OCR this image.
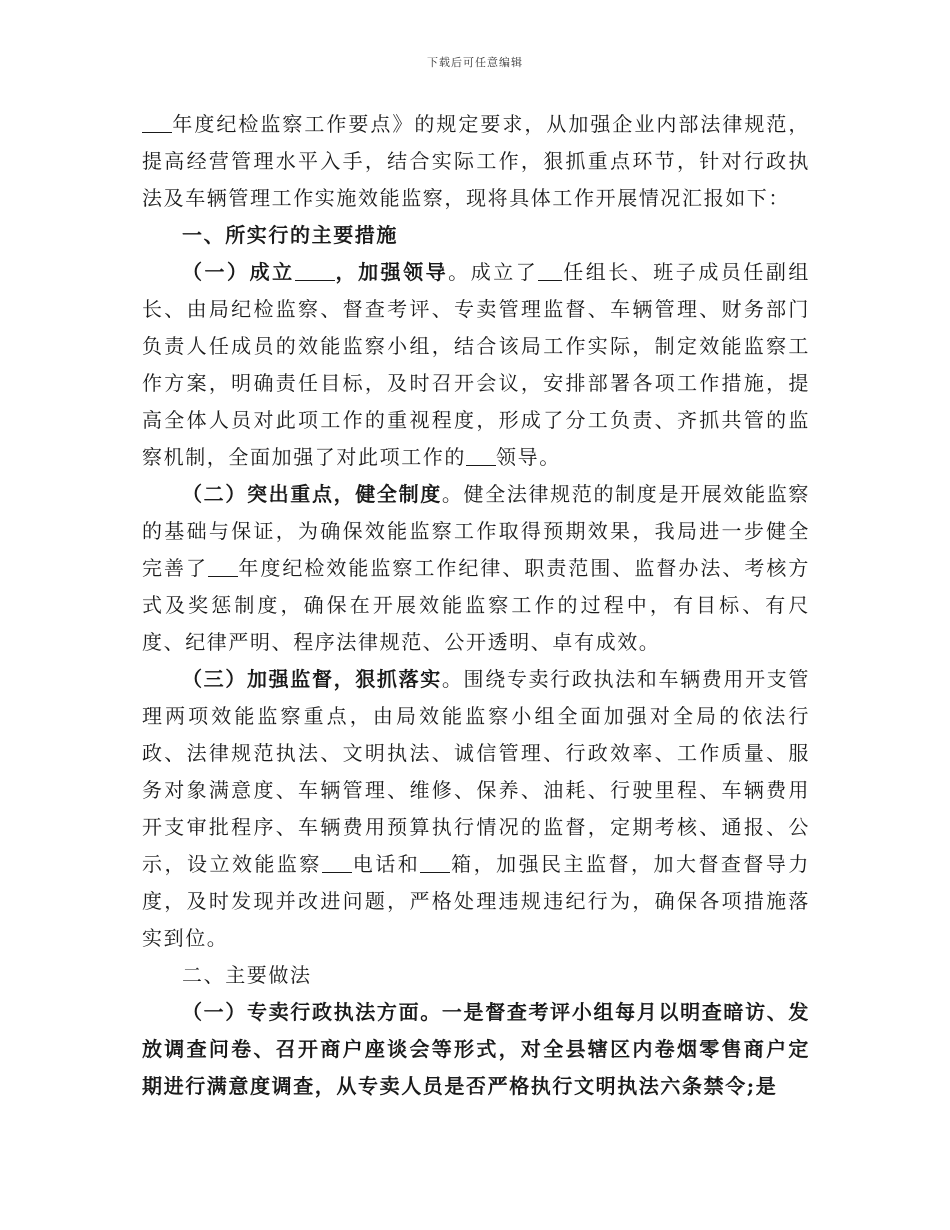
下载后可任意编辑

年度纪检监察工作要点》的规定要求，从加强企业内部法律规范，提高经营管理水平入手，结合实际工作，狠抓重点环节，针对行政执法及车辆管理工作实施效能监察，现将具体工作开展情况汇报如下：

一、所实行的主要措施

（一）成立 ，加强领导。成立了 任组长、班子成员任副组长、由局纪检监察、督查考评、专卖管理监督、车辆管理、财务部门负责人任成员的效能监察小组，结合该局工作实际，制定效能监察工作方案，明确责任目标，及时召开会议，安排部署各项工作措施，提高全体人员对此项工作的重视程度，形成了分工负责、齐抓共管的监察机制，全面加强了对此项工作的 领导。

（二）突出重点，健全制度。健全法律规范的制度是开展效能监察的基础与保证，为确保效能监察工作取得预期效果，我局进一步健全完善了 年度纪检效能监察工作纪律、职责范围、监督办法、考核方式及奖惩制度，确保在开展效能监察工作的过程中，有目标、有尺度、纪律严明、程序法律规范、公开透明、卓有成效。

（三）加强监督，狠抓落实。围绕专卖行政执法和车辆费用开支管理两项效能监察重点，由局效能监察小组全面加强对全局的依法行政、法律规范执法、文明执法、诚信管理、行政效率、工作质量、服务对象满意度、车辆管理、维修、保养、油耗、行驶里程、车辆费用开支审批程序、车辆费用预算执行情况的监督，定期考核、通报、公示，设立效能监察 电话和 箱，加强民主监督，加大督查督导力度，及时发现并改进问题，严格处理违规违纪行为，确保各项措施落实到位。

二、主要做法

（一）专卖行政执法方面。一是督查考评小组每月以明查暗访、发放调查问卷、召开商户座谈会等形式，对全县辖区内卷烟零售商户定期进行满意度调查，从专卖人员是否严格执行文明执法六条禁令;是
